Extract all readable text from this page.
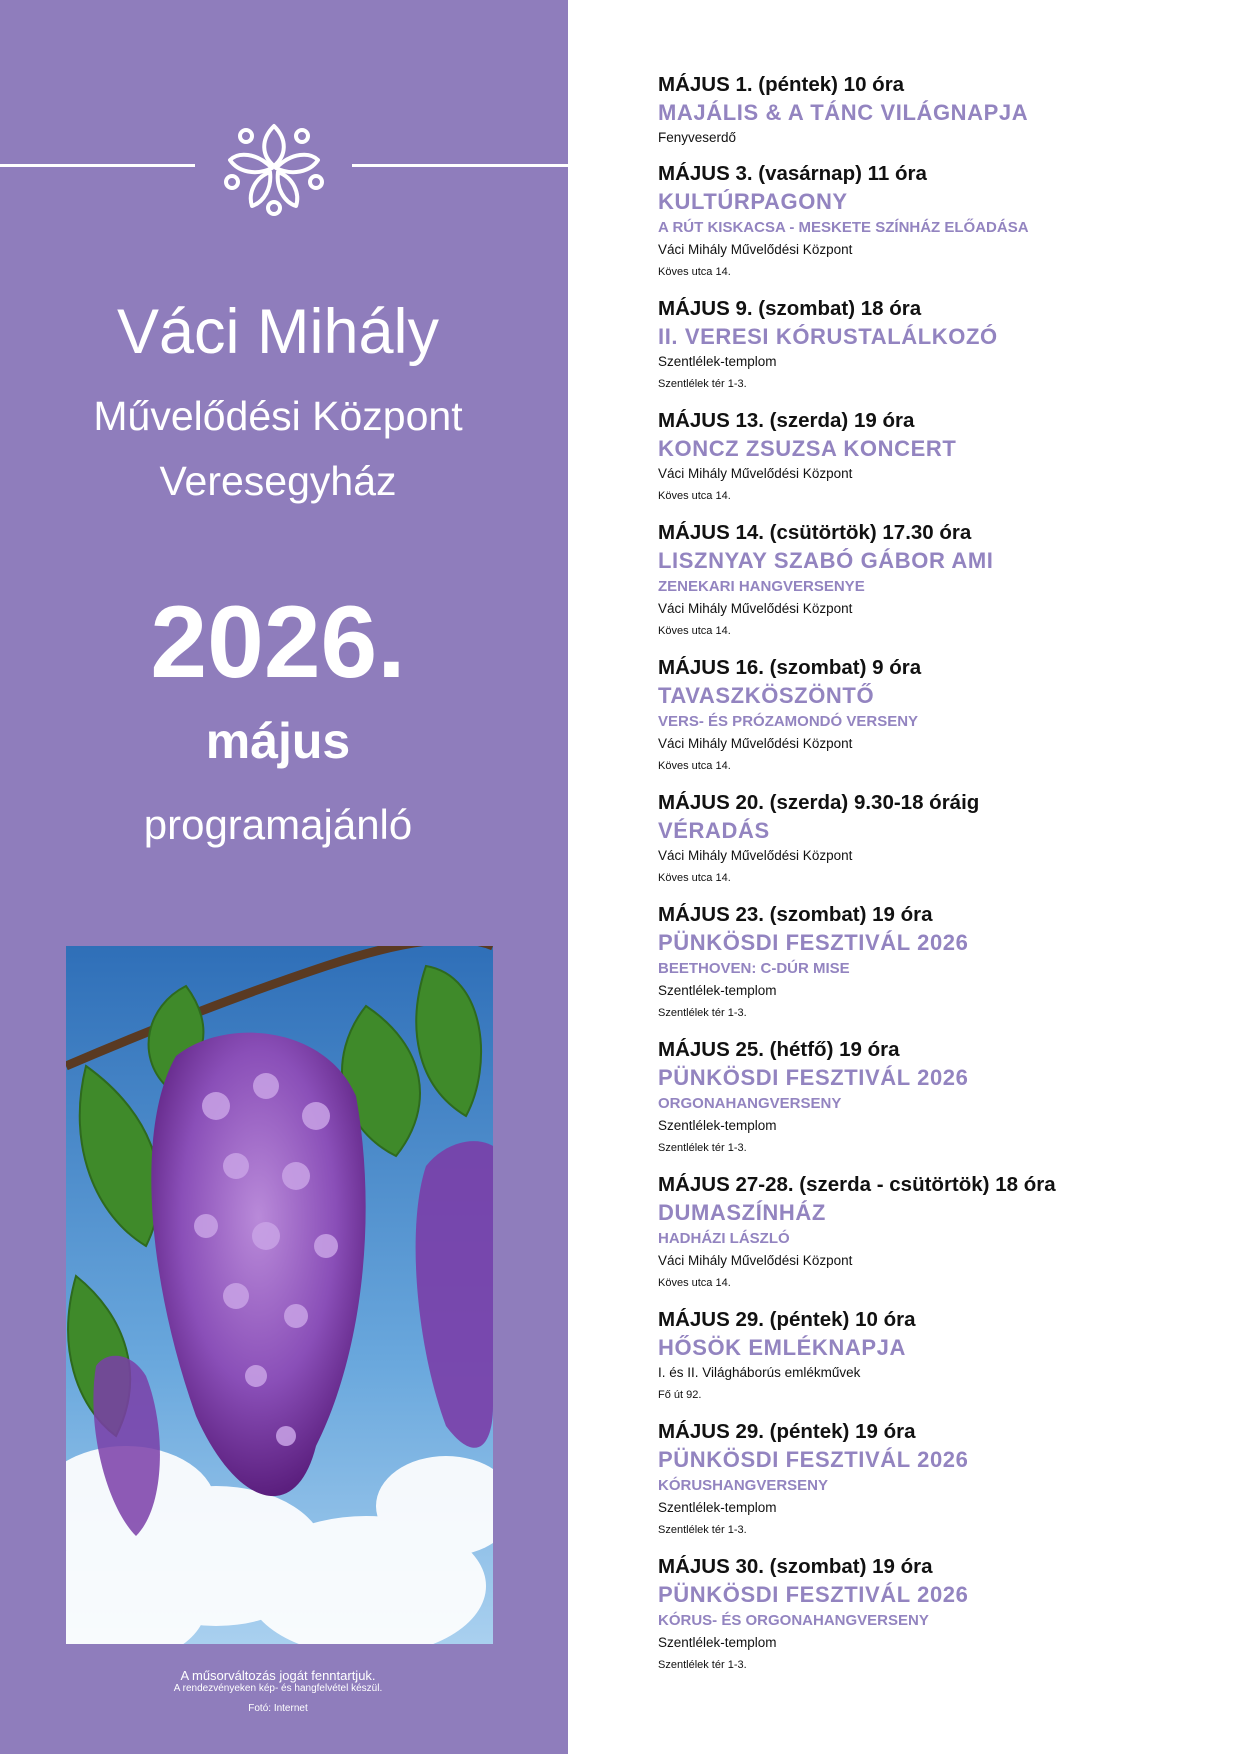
Váci Mihály
Művelődési Központ
Veresegyház
2026.
május
programajánló
A műsorváltozás jogát fenntartjuk.
A rendezvényeken kép- és hangfelvétel készül.
Fotó: Internet
MÁJUS 1. (péntek) 10 óra
MAJÁLIS & A TÁNC VILÁGNAPJA
Fenyveserdő
MÁJUS 3. (vasárnap) 11 óra
KULTÚRPAGONY
A RÚT KISKACSA - MESKETE SZÍNHÁZ ELŐADÁSA
Váci Mihály Művelődési Központ
Köves utca 14.
MÁJUS 9. (szombat) 18 óra
II. VERESI KÓRUSTALÁLKOZÓ
Szentlélek-templom
Szentlélek tér 1-3.
MÁJUS 13. (szerda) 19 óra
KONCZ ZSUZSA KONCERT
Váci Mihály Művelődési Központ
Köves utca 14.
MÁJUS 14. (csütörtök) 17.30 óra
LISZNYAY SZABÓ GÁBOR AMI
ZENEKARI HANGVERSENYE
Váci Mihály Művelődési Központ
Köves utca 14.
MÁJUS 16. (szombat) 9 óra
TAVASZKÖSZÖNTŐ
VERS- ÉS PRÓZAMONDÓ VERSENY
Váci Mihály Művelődési Központ
Köves utca 14.
MÁJUS 20. (szerda) 9.30-18 óráig
VÉRADÁS
Váci Mihály Művelődési Központ
Köves utca 14.
MÁJUS 23. (szombat) 19 óra
PÜNKÖSDI FESZTIVÁL 2026
BEETHOVEN: C-DÚR MISE
Szentlélek-templom
Szentlélek tér 1-3.
MÁJUS 25. (hétfő) 19 óra
PÜNKÖSDI FESZTIVÁL 2026
ORGONAHANGVERSENY
Szentlélek-templom
Szentlélek tér 1-3.
MÁJUS 27-28. (szerda - csütörtök) 18 óra
DUMASZÍNHÁZ
HADHÁZI LÁSZLÓ
Váci Mihály Művelődési Központ
Köves utca 14.
MÁJUS 29. (péntek) 10 óra
HŐSÖK EMLÉKNAPJA
I. és II. Világháborús emlékművek
Fő út 92.
MÁJUS 29. (péntek) 19 óra
PÜNKÖSDI FESZTIVÁL 2026
KÓRUSHANGVERSENY
Szentlélek-templom
Szentlélek tér 1-3.
MÁJUS 30. (szombat) 19 óra
PÜNKÖSDI FESZTIVÁL 2026
KÓRUS- ÉS ORGONAHANGVERSENY
Szentlélek-templom
Szentlélek tér 1-3.
